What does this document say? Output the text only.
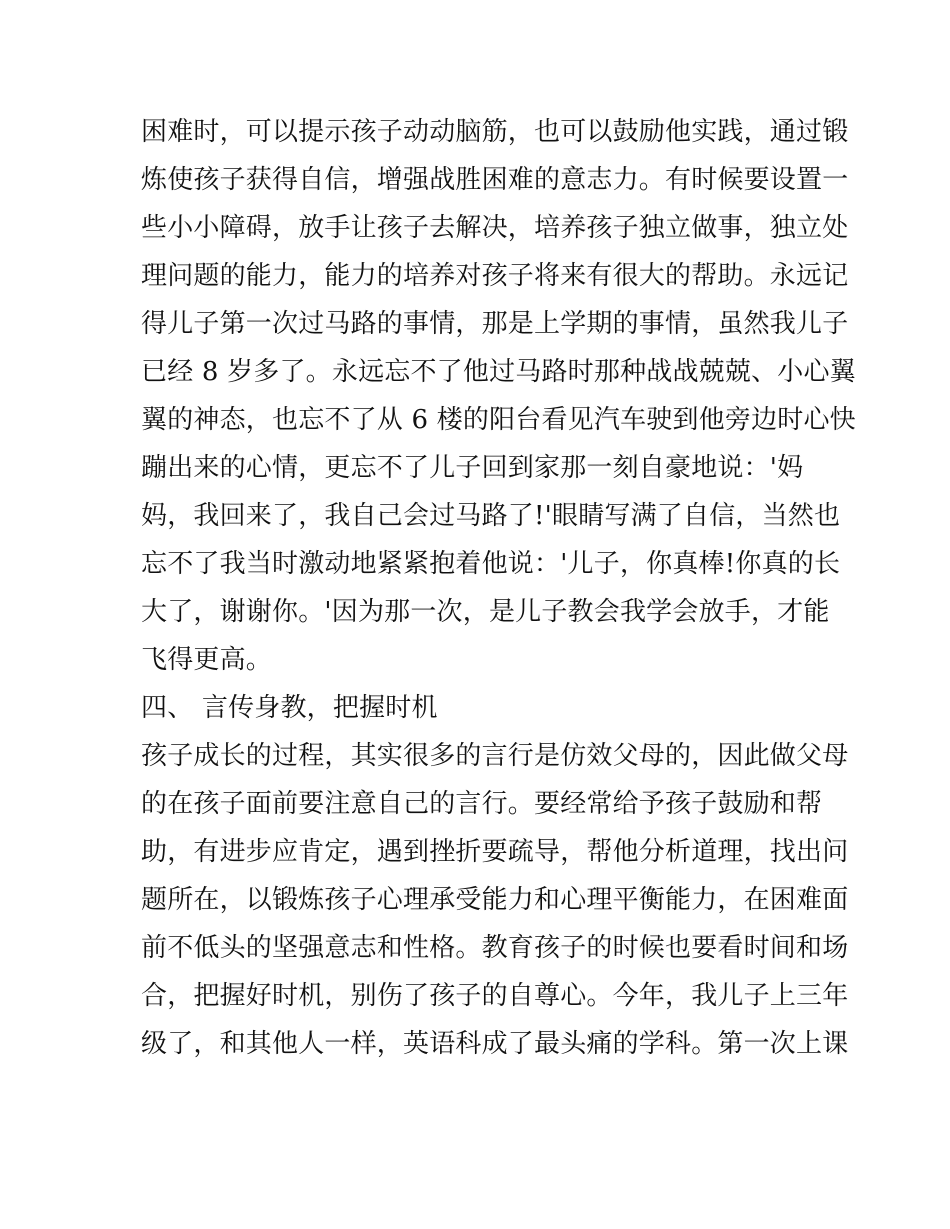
困难时，可以提示孩子动动脑筋，也可以鼓励他实践，通过锻
炼使孩子获得自信，增强战胜困难的意志力。有时候要设置一
些小小障碍，放手让孩子去解决，培养孩子独立做事，独立处
理问题的能力，能力的培养对孩子将来有很大的帮助。永远记
得儿子第一次过马路的事情，那是上学期的事情，虽然我儿子
已经 8 岁多了。永远忘不了他过马路时那种战战兢兢、小心翼
翼的神态，也忘不了从 6 楼的阳台看见汽车驶到他旁边时心快
蹦出来的心情，更忘不了儿子回到家那一刻自豪地说：'妈
妈，我回来了，我自己会过马路了!'眼睛写满了自信，当然也
忘不了我当时激动地紧紧抱着他说：'儿子，你真棒!你真的长
大了，谢谢你。'因为那一次，是儿子教会我学会放手，才能
飞得更高。
四、 言传身教，把握时机
孩子成长的过程，其实很多的言行是仿效父母的，因此做父母
的在孩子面前要注意自己的言行。要经常给予孩子鼓励和帮
助，有进步应肯定，遇到挫折要疏导，帮他分析道理，找出问
题所在，以锻炼孩子心理承受能力和心理平衡能力，在困难面
前不低头的坚强意志和性格。教育孩子的时候也要看时间和场
合，把握好时机，别伤了孩子的自尊心。今年，我儿子上三年
级了，和其他人一样，英语科成了最头痛的学科。第一次上课
